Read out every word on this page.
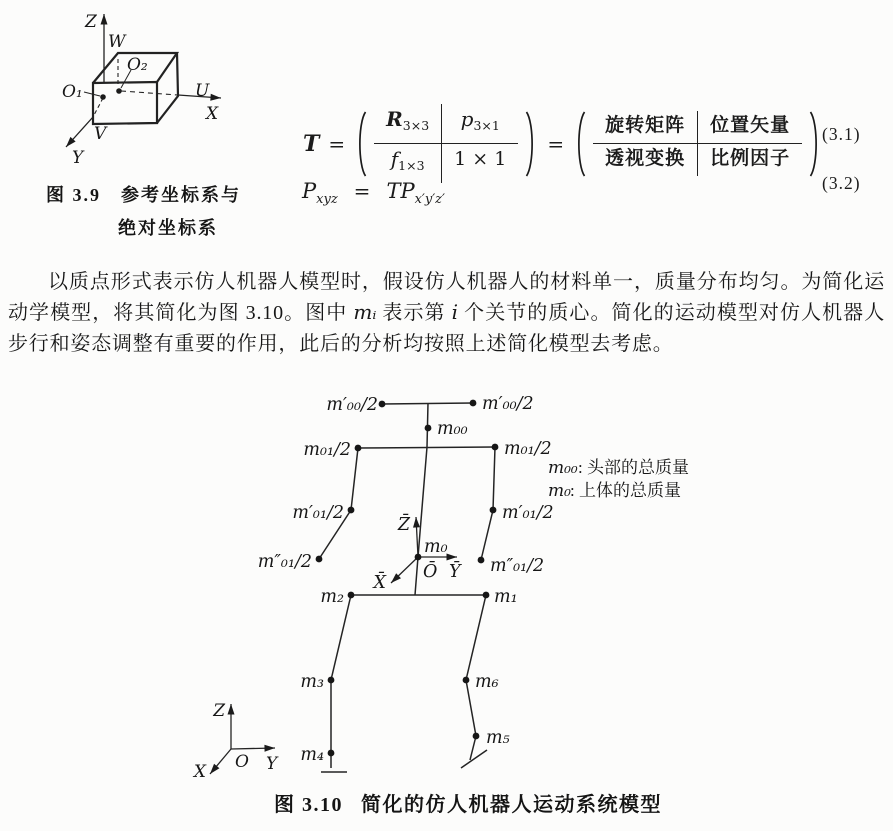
Z
W
O₂
O₁	U
X
V
Y
图 3.9 参考坐标系与
绝对坐标系
T =
$R_{3\times 3}$	$p_{3\times 1}$
$f_{1\times 3}$	1 × 1
=
旋转矩阵	位置矢量
透视变换	比例因子
(3.1)
$P_{xyz} = TP_{x'y'z'}$
(3.2)

以质点形式表示仿人机器人模型时，假设仿人机器人的材料单一，质量分布均匀。为简化运动学模型，将其简化为图 3.10。图中 mᵢ 表示第 i 个关节的质心。简化的运动模型对仿人机器人步行和姿态调整有重要的作用，此后的分析均按照上述简化模型去考虑。

m′₀₀/2	m′₀₀/2
m₀₀
m₀₁/2	m₀₁/2
m′₀₁/2	m′₀₁/2
m″₀₁/2	m″₀₁/2
Z̄
m₀
Ō Ȳ
X̄
m₂	m₁
m₃
m₄
m₆
m₅
m₀₀ : 头部的总质量
m₀ : 上体的总质量
Z
O Y
X
图 3.10 简化的仿人机器人运动系统模型
